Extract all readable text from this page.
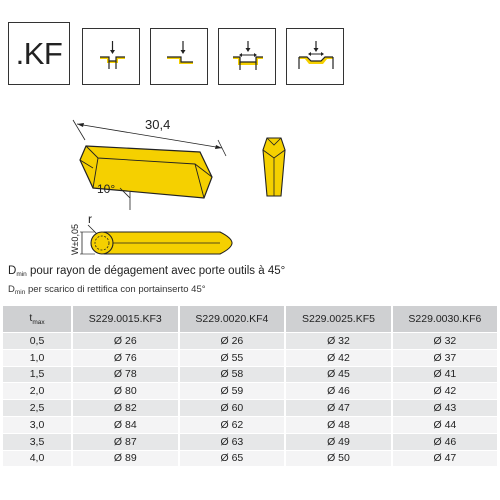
.KF
30,4
10°
r
W±0,05
$D_{min}$ pour rayon de dégagement avec porte outils à 45°
$D_{min}$ per scarico di rettifica con portainserto 45°
$t_{max}$	S229.0015.KF3	S229.0020.KF4	S229.0025.KF5	S229.0030.KF6
0,5	Ø 26	Ø 26	Ø 32	Ø 32
1,0	Ø 76	Ø 55	Ø 42	Ø 37
1,5	Ø 78	Ø 58	Ø 45	Ø 41
2,0	Ø 80	Ø 59	Ø 46	Ø 42
2,5	Ø 82	Ø 60	Ø 47	Ø 43
3,0	Ø 84	Ø 62	Ø 48	Ø 44
3,5	Ø 87	Ø 63	Ø 49	Ø 46
4,0	Ø 89	Ø 65	Ø 50	Ø 47
